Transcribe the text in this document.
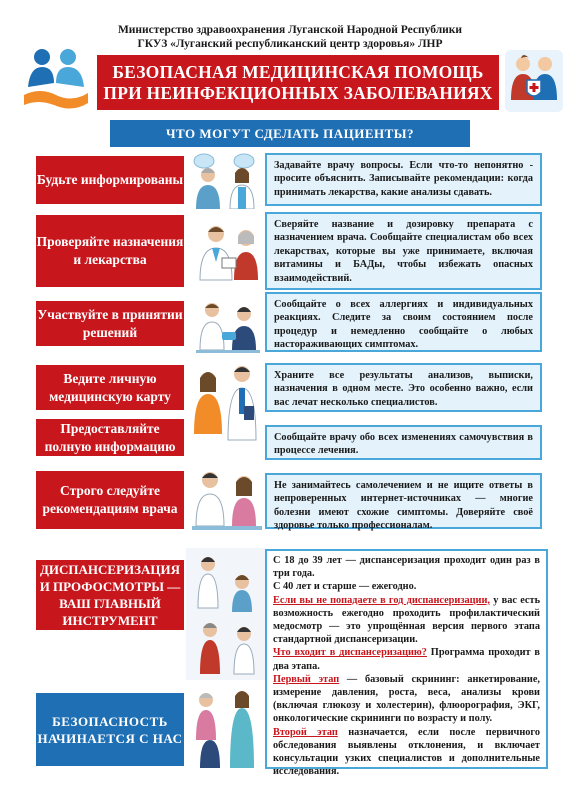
Министерство здравоохранения Луганской Народной Республики
ГКУЗ «Луганский республиканский центр здоровья» ЛНР
БЕЗОПАСНАЯ МЕДИЦИНСКАЯ ПОМОЩЬ
ПРИ НЕИНФЕКЦИОННЫХ ЗАБОЛЕВАНИЯХ
ЧТО МОГУТ СДЕЛАТЬ ПАЦИЕНТЫ?
Будьте информированы
Задавайте врачу вопросы. Если что-то непонятно - просите объяснить. Записывайте рекомендации: когда принимать лекарства, какие анализы сдавать.
Проверяйте назначения и лекарства
Сверяйте название и дозировку препарата с назначением врача. Сообщайте специалистам обо всех лекарствах, которые вы уже принимаете, включая витамины и БАДы, чтобы избежать опасных взаимодействий.
Участвуйте в принятии решений
Сообщайте о всех аллергиях и индивидуальных реакциях. Следите за своим состоянием после процедур и немедленно сообщайте о любых настораживающих симптомах.
Ведите личную медицинскую карту
Храните все результаты анализов, выписки, назначения в одном месте. Это особенно важно, если вас лечат несколько специалистов.
Предоставляйте полную информацию
Сообщайте врачу обо всех изменениях самочувствия в процессе лечения.
Строго следуйте рекомендациям врача
Не занимайтесь самолечением и не ищите ответы в непроверенных интернет-источниках — многие болезни имеют схожие симптомы. Доверяйте своё здоровье только профессионалам.
ДИСПАНСЕРИЗАЦИЯ И ПРОФОСМОТРЫ — ВАШ ГЛАВНЫЙ ИНСТРУМЕНТ

С 18 до 39 лет — диспансеризация проходит один раз в три года.

С 40 лет и старше — ежегодно.

Если вы не попадаете в год диспансеризации, у вас есть возможность ежегодно проходить профилактический медосмотр — это упрощённая версия первого этапа стандартной диспансеризации.

Что входит в диспансеризацию? Программа проходит в два этапа.

Первый этап — базовый скрининг: анкетирование, измерение давления, роста, веса, анализы крови (включая глюкозу и холестерин), флюорография, ЭКГ, онкологические скрининги по возрасту и полу.

Второй этап назначается, если после первичного обследования выявлены отклонения, и включает консультации узких специалистов и дополнительные исследования.

БЕЗОПАСНОСТЬ НАЧИНАЕТСЯ С НАС
